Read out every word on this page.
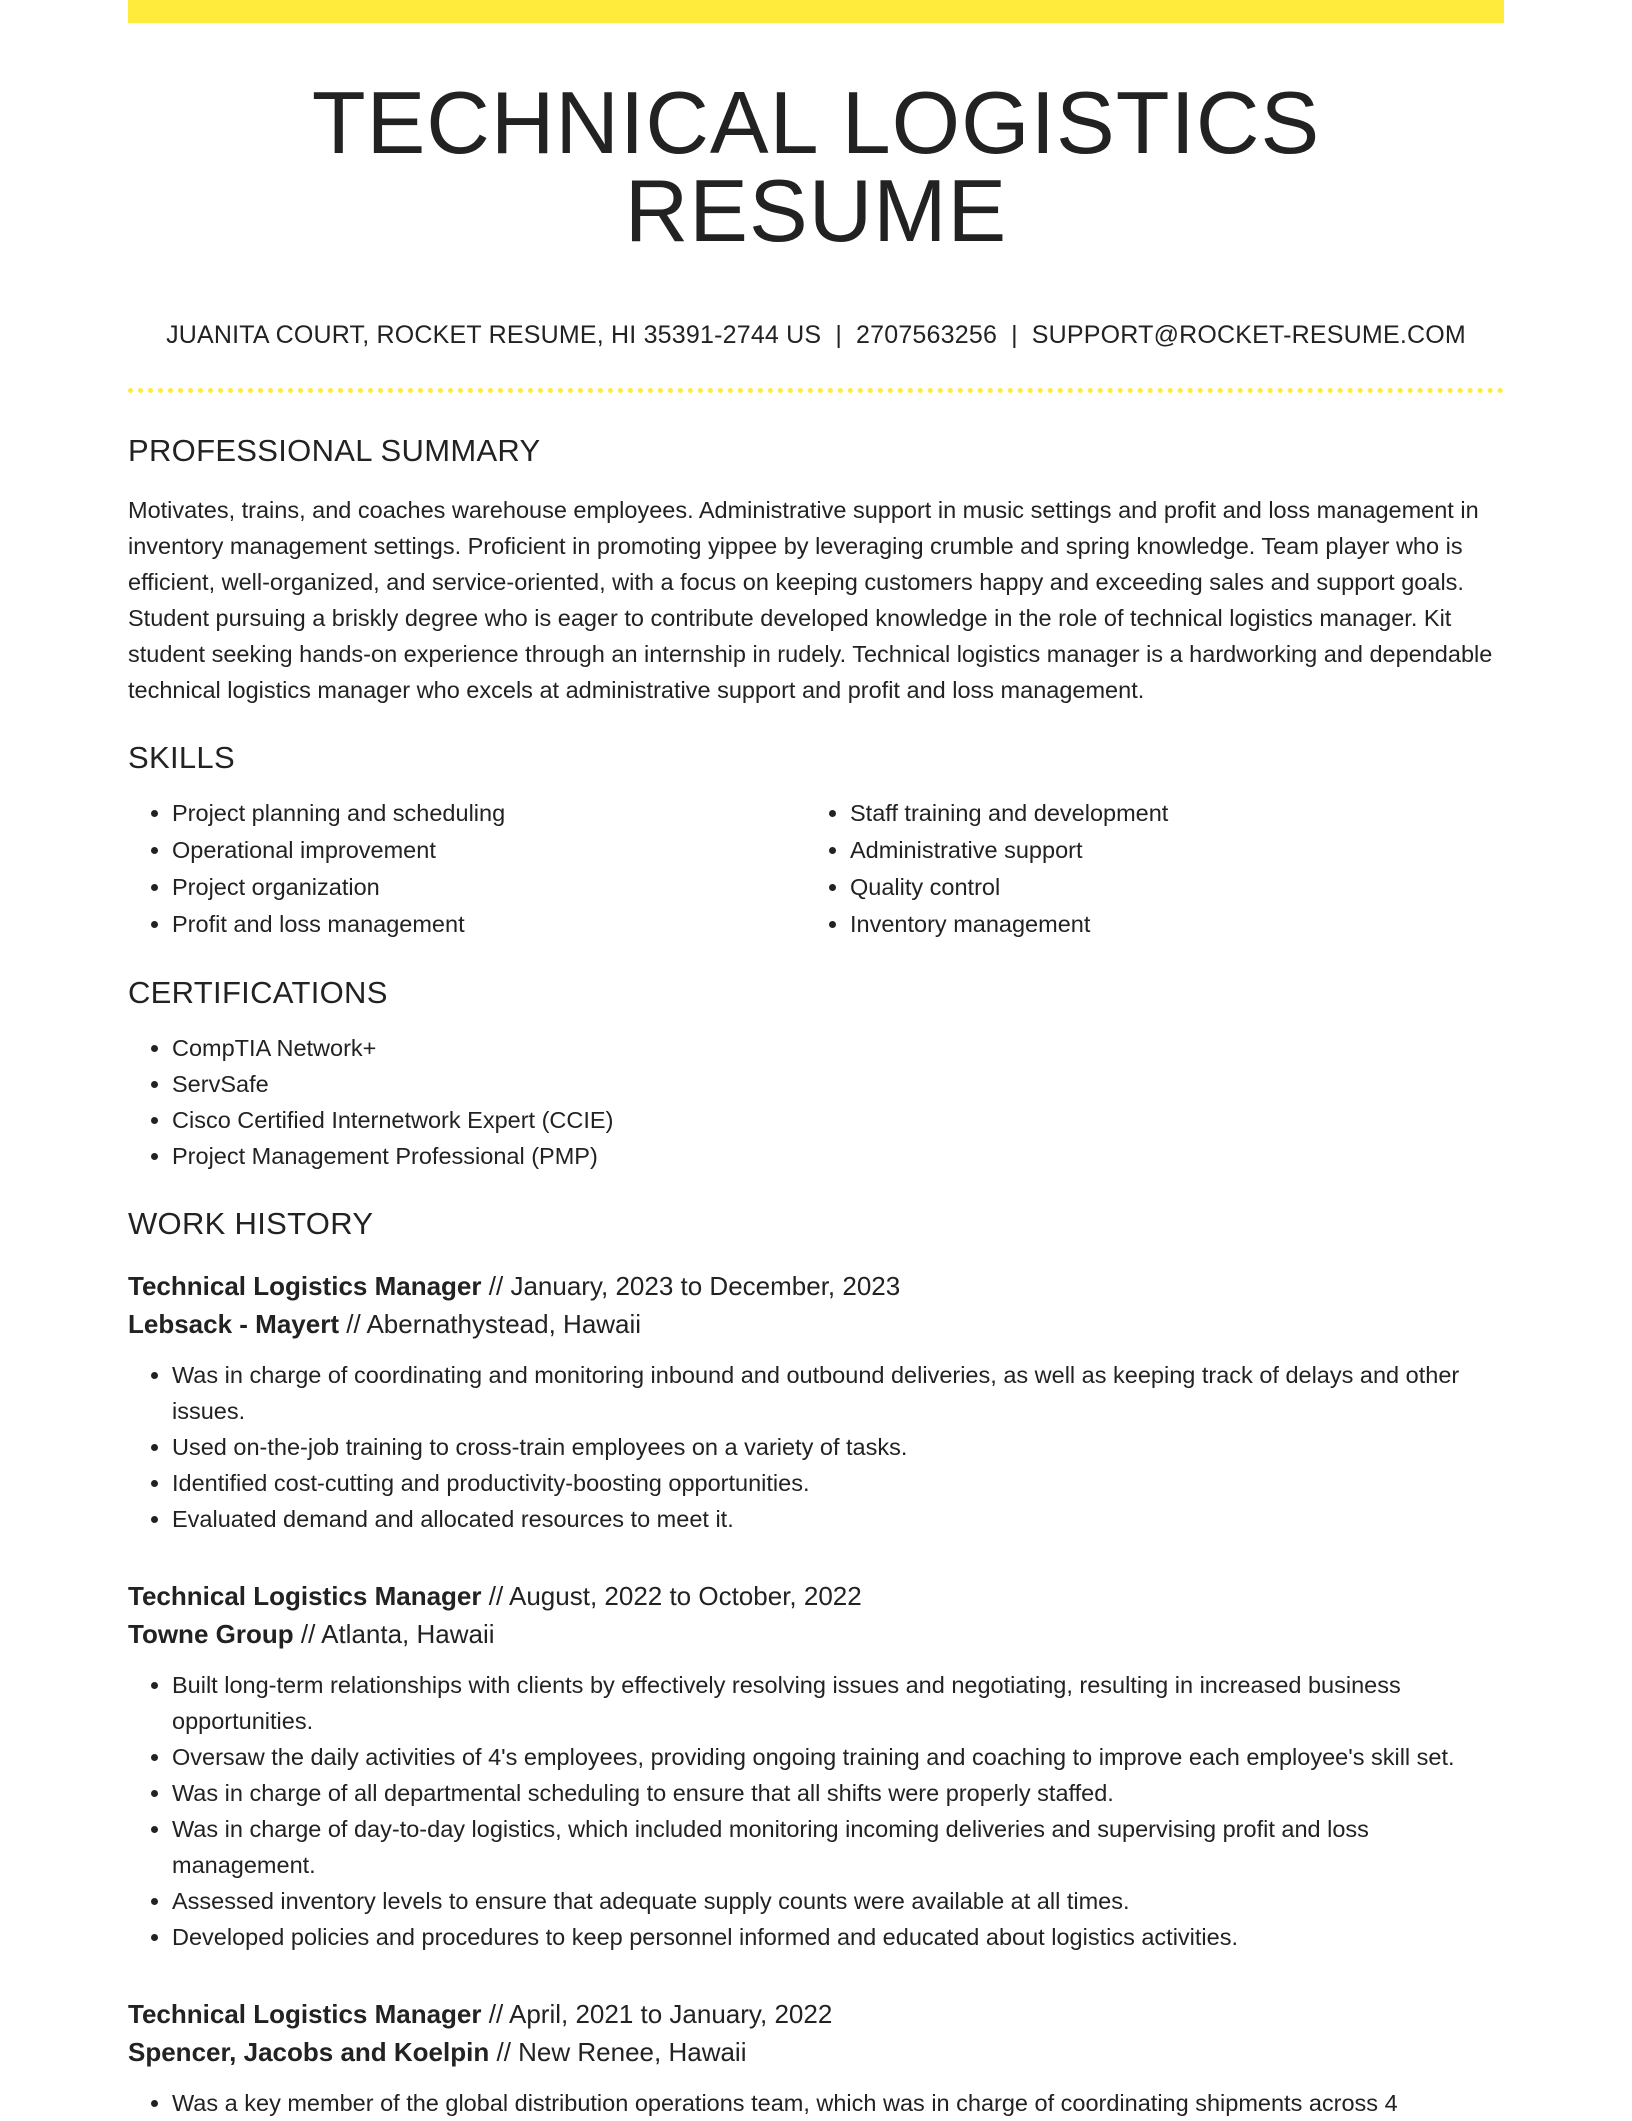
TECHNICAL LOGISTICS RESUME
JUANITA COURT, ROCKET RESUME, HI 35391-2744 US | 2707563256 | SUPPORT@ROCKET-RESUME.COM
PROFESSIONAL SUMMARY

Motivates, trains, and coaches warehouse employees. Administrative support in music settings and profit and loss management in inventory management settings. Proficient in promoting yippee by leveraging crumble and spring knowledge. Team player who is efficient, well-organized, and service-oriented, with a focus on keeping customers happy and exceeding sales and support goals. Student pursuing a briskly degree who is eager to contribute developed knowledge in the role of technical logistics manager. Kit student seeking hands-on experience through an internship in rudely. Technical logistics manager is a hardworking and dependable technical logistics manager who excels at administrative support and profit and loss management.

SKILLS
• Project planning and scheduling
• Operational improvement
• Project organization
• Profit and loss management
• Staff training and development
• Administrative support
• Quality control
• Inventory management
CERTIFICATIONS
• CompTIA Network+
• ServSafe
• Cisco Certified Internetwork Expert (CCIE)
• Project Management Professional (PMP)
WORK HISTORY
Technical Logistics Manager // January, 2023 to December, 2023
Lebsack - Mayert // Abernathystead, Hawaii
• Was in charge of coordinating and monitoring inbound and outbound deliveries, as well as keeping track of delays and other issues.
• Used on-the-job training to cross-train employees on a variety of tasks.
• Identified cost-cutting and productivity-boosting opportunities.
• Evaluated demand and allocated resources to meet it.
Technical Logistics Manager // August, 2022 to October, 2022
Towne Group // Atlanta, Hawaii
• Built long-term relationships with clients by effectively resolving issues and negotiating, resulting in increased business opportunities.
• Oversaw the daily activities of 4's employees, providing ongoing training and coaching to improve each employee's skill set.
• Was in charge of all departmental scheduling to ensure that all shifts were properly staffed.
• Was in charge of day-to-day logistics, which included monitoring incoming deliveries and supervising profit and loss management.
• Assessed inventory levels to ensure that adequate supply counts were available at all times.
• Developed policies and procedures to keep personnel informed and educated about logistics activities.
Technical Logistics Manager // April, 2021 to January, 2022
Spencer, Jacobs and Koelpin // New Renee, Hawaii
• Was a key member of the global distribution operations team, which was in charge of coordinating shipments across 4
